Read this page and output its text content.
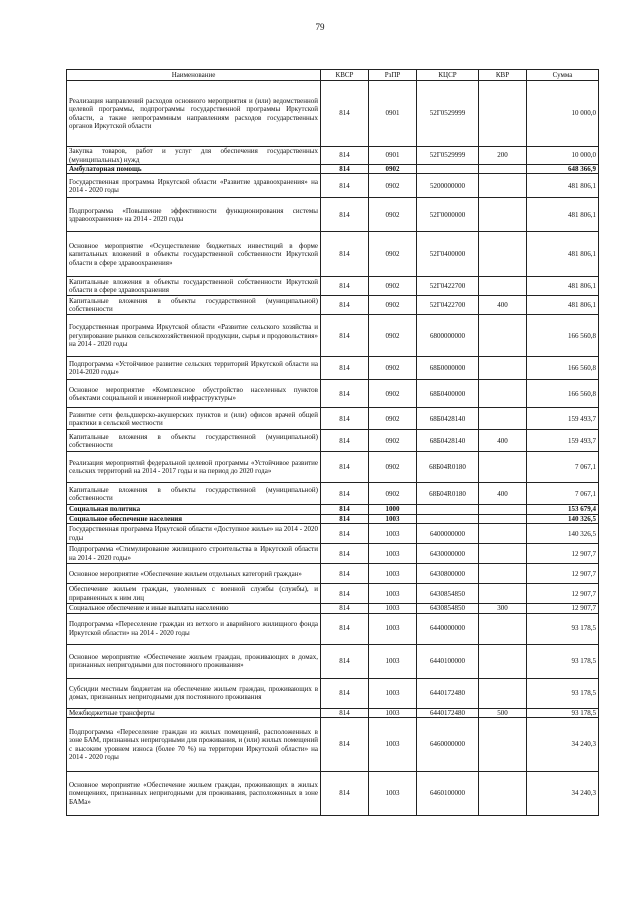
79
Наименование	КВСР	РзПР	КЦСР	КВР	Сумма
Реализация направлений расходов основного мероприятия и (или) ведомственной целевой программы, подпрограммы государственной программы Иркутской области, а также непрограммным направлениям расходов государственных органов Иркутской области	814	0901	52Г0529999		10 000,0
Закупка товаров, работ и услуг для обеспечения государственных (муниципальных) нужд	814	0901	52Г0529999	200	10 000,0
Амбулаторная помощь	814	0902			648 366,9
Государственная программа Иркутской области «Развитие здравоохранения» на 2014 - 2020 годы	814	0902	5200000000		481 806,1
Подпрограмма «Повышение эффективности функционирования системы здравоохранения» на 2014 - 2020 годы	814	0902	52Г0000000		481 806,1
Основное мероприятие «Осуществление бюджетных инвестиций в форме капитальных вложений в объекты государственной собственности Иркутской области в сфере здравоохранения»	814	0902	52Г0400000		481 806,1
Капитальные вложения в объекты государственной собственности Иркутской области в сфере здравоохранения	814	0902	52Г0422700		481 806,1
Капитальные вложения в объекты государственной (муниципальной) собственности	814	0902	52Г0422700	400	481 806,1
Государственная программа Иркутской области «Развитие сельского хозяйства и регулирование рынков сельскохозяйственной продукции, сырья и продовольствия» на 2014 - 2020 годы	814	0902	6800000000		166 560,8
Подпрограмма «Устойчивое развитие сельских территорий Иркутской области на 2014-2020 годы»	814	0902	68Б0000000		166 560,8
Основное мероприятие «Комплексное обустройство населенных пунктов объектами социальной и инженерной инфраструктуры»	814	0902	68Б0400000		166 560,8
Развитие сети фельдшерско-акушерских пунктов и (или) офисов врачей общей практики в сельской местности	814	0902	68Б0428140		159 493,7
Капитальные вложения в объекты государственной (муниципальной) собственности	814	0902	68Б0428140	400	159 493,7
Реализация мероприятий федеральной целевой программы «Устойчивое развитие сельских территорий на 2014 - 2017 годы и на период до 2020 года»	814	0902	68Б04R0180		7 067,1
Капитальные вложения в объекты государственной (муниципальной) собственности	814	0902	68Б04R0180	400	7 067,1
Социальная политика	814	1000			153 679,4
Социальное обеспечение населения	814	1003			140 326,5
Государственная программа Иркутской области «Доступное жилье» на 2014 - 2020 годы	814	1003	6400000000		140 326,5
Подпрограмма «Стимулирование жилищного строительства в Иркутской области на 2014 - 2020 годы»	814	1003	6430000000		12 907,7
Основное мероприятие «Обеспечение жильем отдельных категорий граждан»	814	1003	6430800000		12 907,7
Обеспечение жильем граждан, уволенных с военной службы (службы), и приравненных к ним лиц	814	1003	6430854850		12 907,7
Социальное обеспечение и иные выплаты населению	814	1003	6430854850	300	12 907,7
Подпрограмма «Переселение граждан из ветхого и аварийного жилищного фонда Иркутской области» на 2014 - 2020 годы	814	1003	6440000000		93 178,5
Основное мероприятие «Обеспечение жильем граждан, проживающих в домах, признанных непригодными для постоянного проживания»	814	1003	6440100000		93 178,5
Субсидии местным бюджетам на обеспечение жильем граждан, проживающих в домах, признанных непригодными для постоянного проживания	814	1003	6440172480		93 178,5
Межбюджетные трансферты	814	1003	6440172480	500	93 178,5
Подпрограмма «Переселение граждан из жилых помещений, расположенных в зоне БАМ, признанных непригодными для проживания, и (или) жилых помещений с высоким уровнем износа (более 70 %) на территории Иркутской области» на 2014 - 2020 годы	814	1003	6460000000		34 240,3
Основное мероприятие «Обеспечение жильем граждан, проживающих в жилых помещениях, признанных непригодными для проживания, расположенных в зоне БАМа»	814	1003	6460100000		34 240,3
